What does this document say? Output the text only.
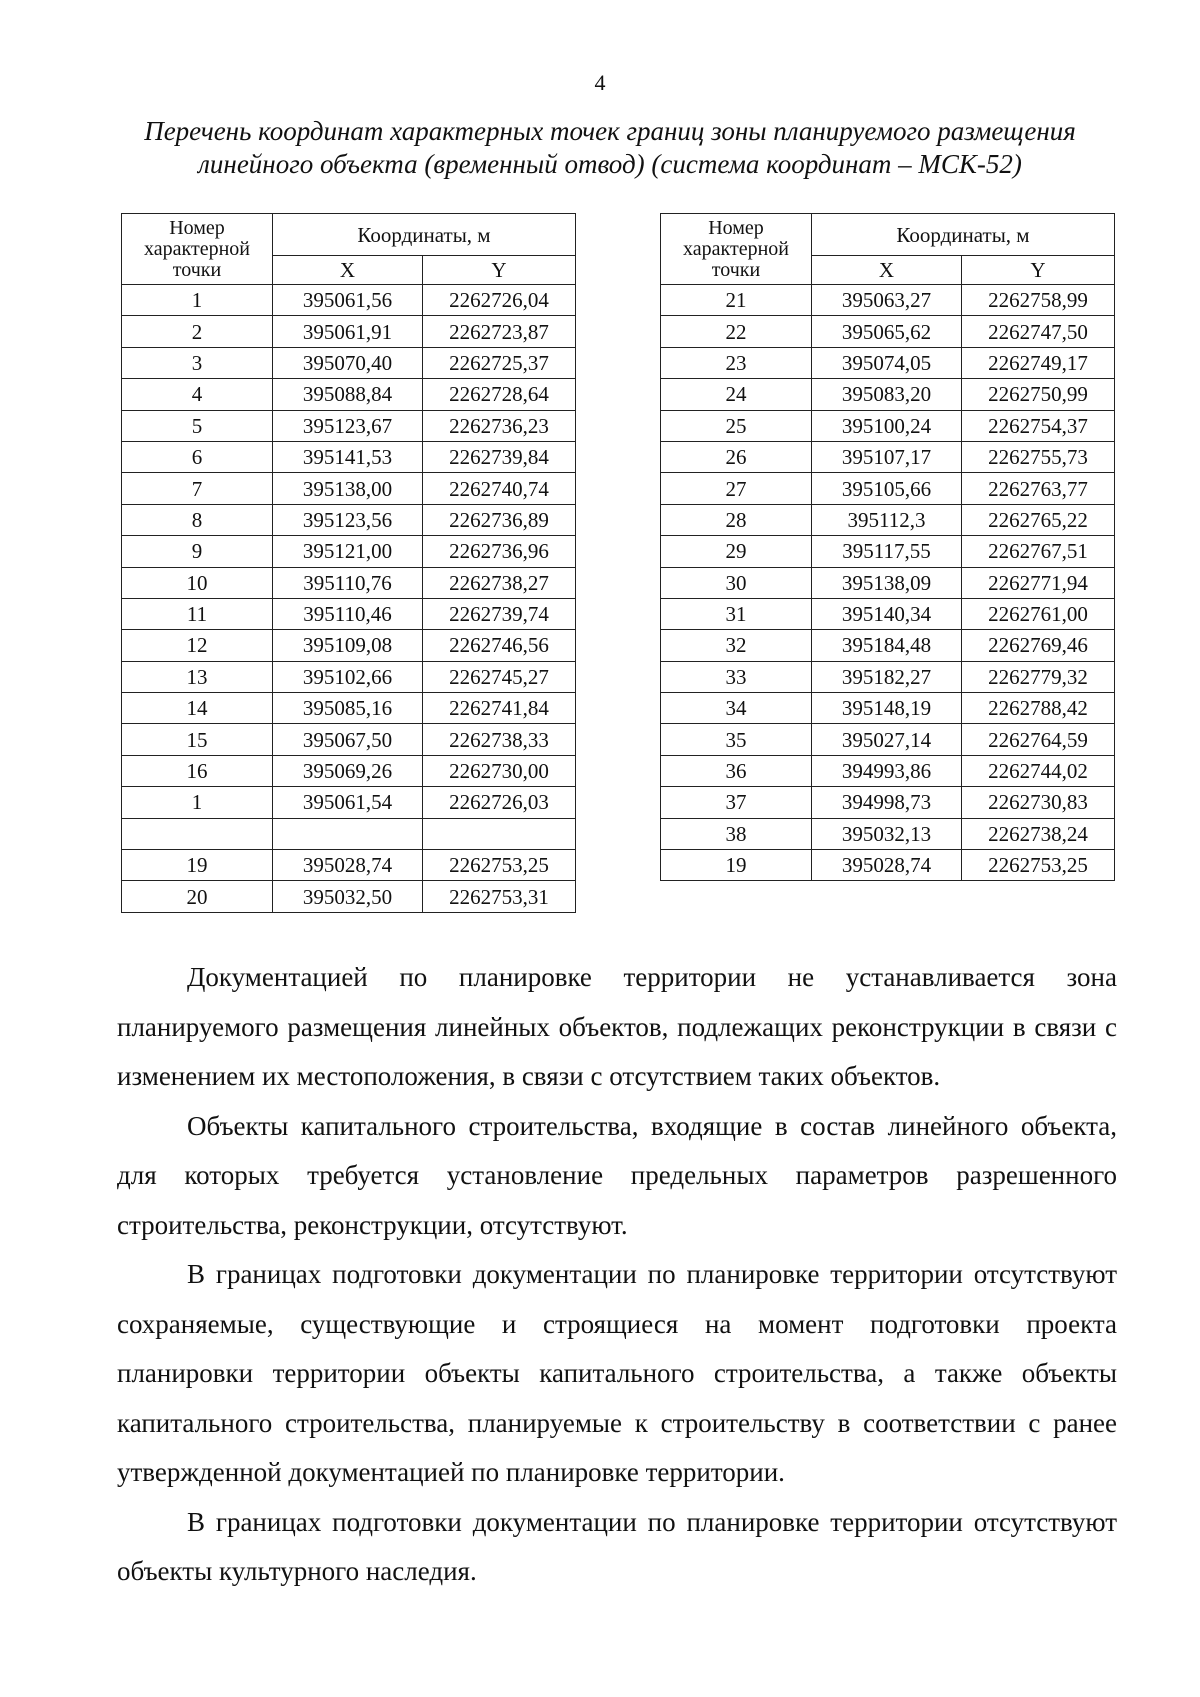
4
Перечень координат характерных точек границ зоны планируемого размещения
линейного объекта (временный отвод) (система координат – МСК-52)
Номер характерной точки	Координаты, м	
	X	Y
1	395061,56	2262726,04
2	395061,91	2262723,87
3	395070,40	2262725,37
4	395088,84	2262728,64
5	395123,67	2262736,23
6	395141,53	2262739,84
7	395138,00	2262740,74
8	395123,56	2262736,89
9	395121,00	2262736,96
10	395110,76	2262738,27
11	395110,46	2262739,74
12	395109,08	2262746,56
13	395102,66	2262745,27
14	395085,16	2262741,84
15	395067,50	2262738,33
16	395069,26	2262730,00
1	395061,54	2262726,03

19	395028,74	2262753,25
20	395032,50	2262753,31
Номер характерной точки	Координаты, м	
	X	Y
21	395063,27	2262758,99
22	395065,62	2262747,50
23	395074,05	2262749,17
24	395083,20	2262750,99
25	395100,24	2262754,37
26	395107,17	2262755,73
27	395105,66	2262763,77
28	395112,3	2262765,22
29	395117,55	2262767,51
30	395138,09	2262771,94
31	395140,34	2262761,00
32	395184,48	2262769,46
33	395182,27	2262779,32
34	395148,19	2262788,42
35	395027,14	2262764,59
36	394993,86	2262744,02
37	394998,73	2262730,83
38	395032,13	2262738,24
19	395028,74	2262753,25

Документацией по планировке территории не устанавливается зона планируемого размещения линейных объектов, подлежащих реконструкции в связи с изменением их местоположения, в связи с отсутствием таких объектов.

Объекты капитального строительства, входящие в состав линейного объекта, для которых требуется установление предельных параметров разрешенного строительства, реконструкции, отсутствуют.

В границах подготовки документации по планировке территории отсутствуют сохраняемые, существующие и строящиеся на момент подготовки проекта планировки территории объекты капитального строительства, а также объекты капитального строительства, планируемые к строительству в соответствии с ранее утвержденной документацией по планировке территории.

В границах подготовки документации по планировке территории отсутствуют объекты культурного наследия.
